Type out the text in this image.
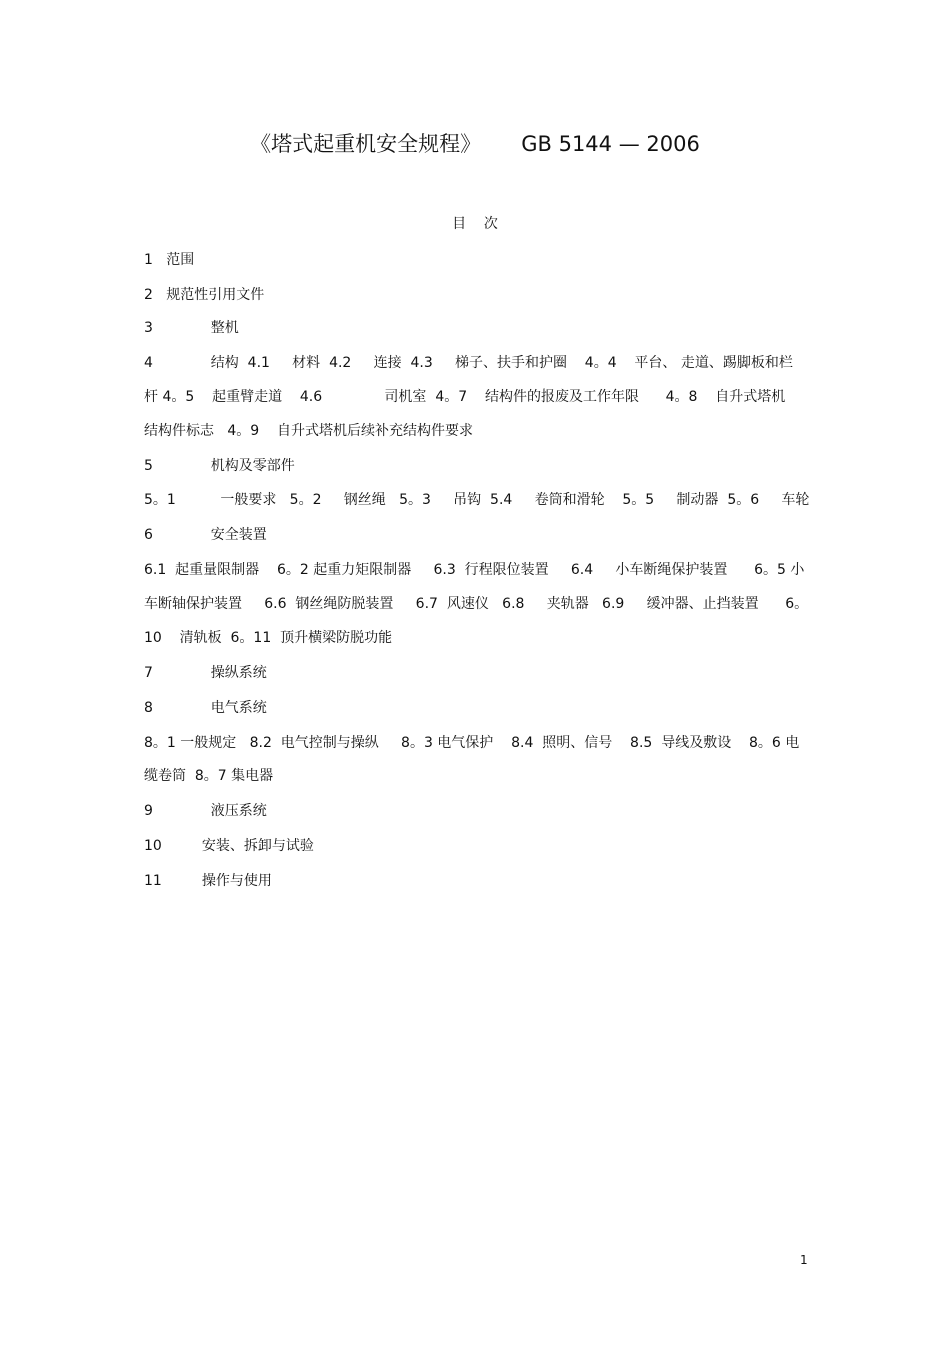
《塔式起重机安全规程》      GB 5144 — 2006
目    次
1   范围
2   规范性引用文件
3             整机
4             结构  4.1     材料  4.2     连接  4.3     梯子、扶手和护圈    4。4    平台、 走道、踢脚板和栏
杆 4。5    起重臂走道    4.6              司机室  4。7    结构件的报废及工作年限      4。8    自升式塔机
结构件标志   4。9    自升式塔机后续补充结构件要求
5             机构及零部件
5。1          一般要求   5。2     钢丝绳   5。3     吊钩  5.4     卷筒和滑轮    5。5     制动器  5。6     车轮
6             安全装置
6.1  起重量限制器    6。2 起重力矩限制器     6.3  行程限位装置     6.4     小车断绳保护装置      6。5 小
车断轴保护装置     6.6  钢丝绳防脱装置     6.7  风速仪   6.8     夹轨器   6.9     缓冲器、止挡装置      6。
10    清轨板  6。11  顶升横梁防脱功能
7             操纵系统
8             电气系统
8。1 一般规定   8.2  电气控制与操纵     8。3 电气保护    8.4  照明、信号    8.5  导线及敷设    8。6 电
缆卷筒  8。7 集电器
9             液压系统
10         安装、拆卸与试验
11         操作与使用
1
